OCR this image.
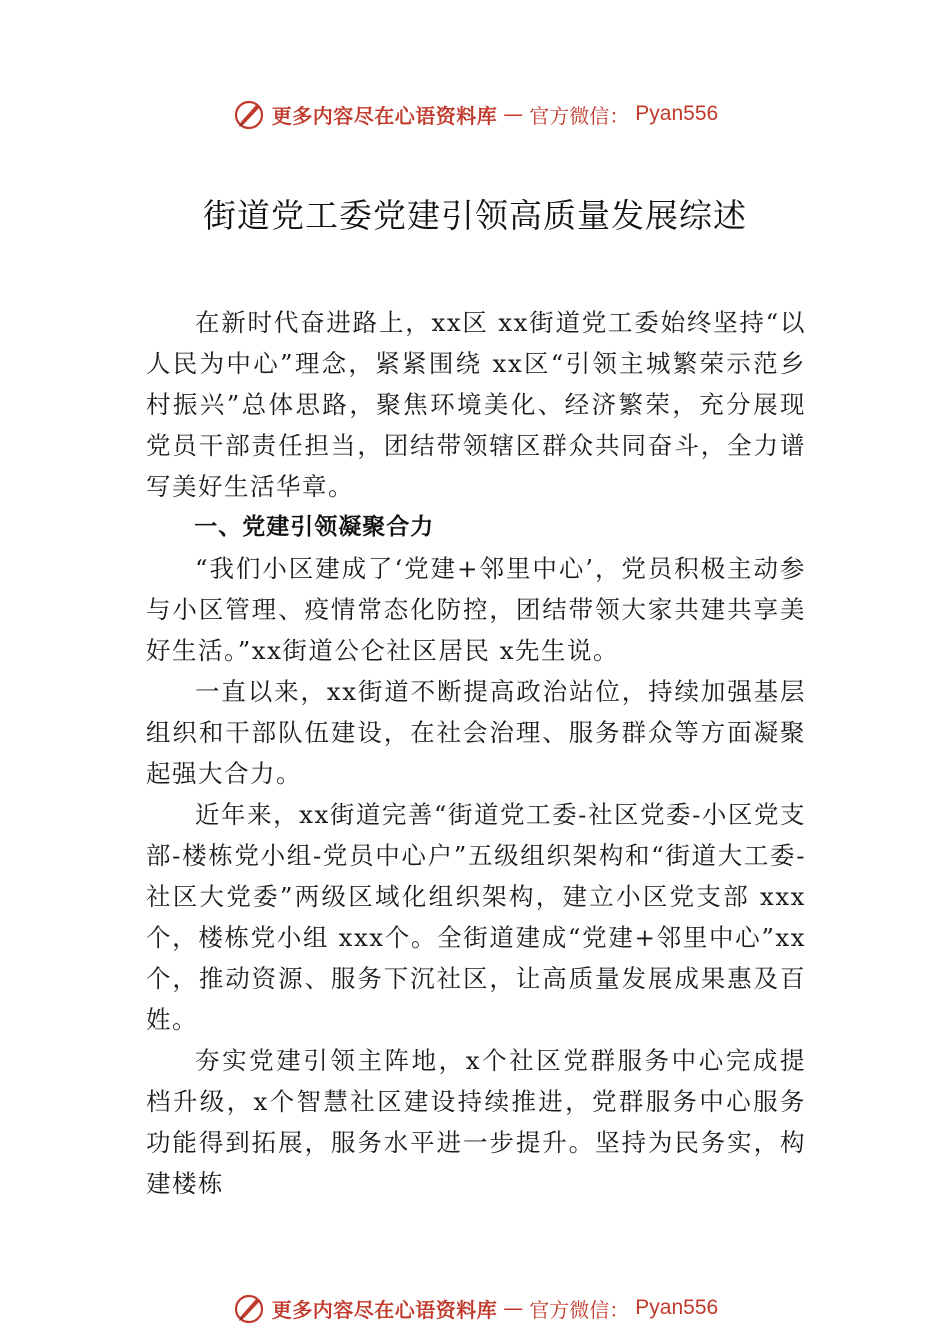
更多内容尽在心语资料库 — 官方微信： Pyan556
街道党工委党建引领高质量发展综述

在新时代奋进路上，xx区 xx街道党工委始终坚持“以人民为中心”理念，紧紧围绕 xx区“引领主城繁荣示范乡村振兴”总体思路，聚焦环境美化、经济繁荣，充分展现党员干部责任担当，团结带领辖区群众共同奋斗，全力谱写美好生活华章。

一、党建引领凝聚合力

“我们小区建成了‘党建+邻里中心’，党员积极主动参与小区管理、疫情常态化防控，团结带领大家共建共享美好生活。”xx街道公仑社区居民 x先生说。

一直以来，xx街道不断提高政治站位，持续加强基层组织和干部队伍建设，在社会治理、服务群众等方面凝聚起强大合力。

近年来，xx街道完善“街道党工委-社区党委-小区党支部-楼栋党小组-党员中心户”五级组织架构和“街道大工委-社区大党委”两级区域化组织架构，建立小区党支部 xxx个，楼栋党小组 xxx个。全街道建成“党建+邻里中心”xx个，推动资源、服务下沉社区，让高质量发展成果惠及百姓。

夯实党建引领主阵地，x个社区党群服务中心完成提档升级，x个智慧社区建设持续推进，党群服务中心服务功能得到拓展，服务水平进一步提升。坚持为民务实，构建楼栋

更多内容尽在心语资料库 — 官方微信： Pyan556
